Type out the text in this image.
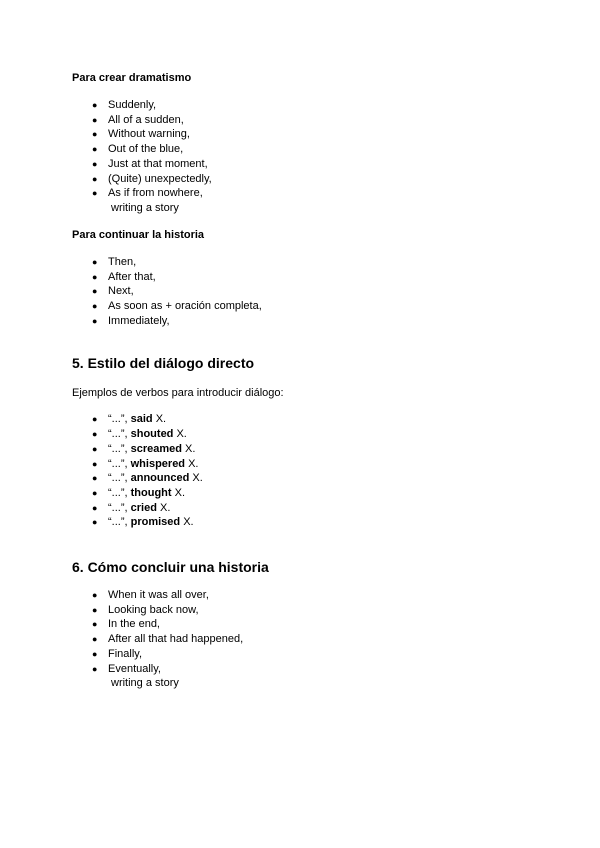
Para crear dramatismo

● Suddenly,
● All of a sudden,
● Without warning,
● Out of the blue,
● Just at that moment,
● (Quite) unexpectedly,
● As if from nowhere,

writing a story

Para continuar la historia

● Then,
● After that,
● Next,
● As soon as + oración completa,
● Immediately,
5. Estilo del diálogo directo

Ejemplos de verbos para introducir diálogo:

● “...”, said X.
● “...”, shouted X.
● “...”, screamed X.
● “...”, whispered X.
● “...”, announced X.
● “...”, thought X.
● “...”, cried X.
● “...”, promised X.
6. Cómo concluir una historia
● When it was all over,
● Looking back now,
● In the end,
● After all that had happened,
● Finally,
● Eventually,

writing a story
